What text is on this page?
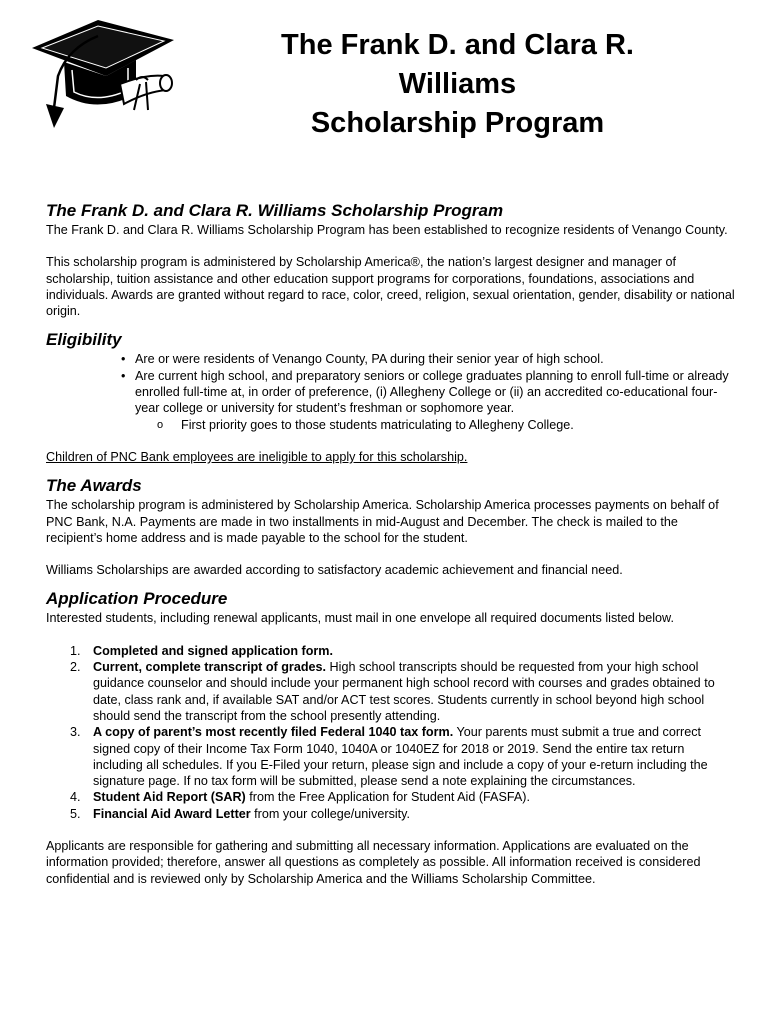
The Frank D. and Clara R.
Williams
Scholarship Program
The Frank D. and Clara R. Williams Scholarship Program

The Frank D. and Clara R. Williams Scholarship Program has been established to recognize residents of Venango County.

This scholarship program is administered by Scholarship America®, the nation’s largest designer and manager of scholarship, tuition assistance and other education support programs for corporations, foundations, associations and individuals. Awards are granted without regard to race, color, creed, religion, sexual orientation, gender, disability or national origin.

Eligibility
• Are or were residents of Venango County, PA during their senior year of high school.
• Are current high school, and preparatory seniors or college graduates planning to enroll full-time or already enrolled full-time at, in order of preference, (i) Allegheny College or (ii) an accredited co-educational four-year college or university for student’s freshman or sophomore year.
o First priority goes to those students matriculating to Allegheny College.

Children of PNC Bank employees are ineligible to apply for this scholarship.

The Awards

The scholarship program is administered by Scholarship America. Scholarship America processes payments on behalf of PNC Bank, N.A. Payments are made in two installments in mid-August and December. The check is mailed to the recipient’s home address and is made payable to the school for the student.

Williams Scholarships are awarded according to satisfactory academic achievement and financial need.

Application Procedure

Interested students, including renewal applicants, must mail in one envelope all required documents listed below.

1. Completed and signed application form.
2. Current, complete transcript of grades. High school transcripts should be requested from your high school guidance counselor and should include your permanent high school record with courses and grades obtained to date, class rank and, if available SAT and/or ACT test scores. Students currently in school beyond high school should send the transcript from the school presently attending.
3. A copy of parent’s most recently filed Federal 1040 tax form. Your parents must submit a true and correct signed copy of their Income Tax Form 1040, 1040A or 1040EZ for 2018 or 2019. Send the entire tax return including all schedules. If you E-Filed your return, please sign and include a copy of your e-return including the signature page. If no tax form will be submitted, please send a note explaining the circumstances.
4. Student Aid Report (SAR) from the Free Application for Student Aid (FASFA).
5. Financial Aid Award Letter from your college/university.

Applicants are responsible for gathering and submitting all necessary information. Applications are evaluated on the information provided; therefore, answer all questions as completely as possible. All information received is considered confidential and is reviewed only by Scholarship America and the Williams Scholarship Committee.
